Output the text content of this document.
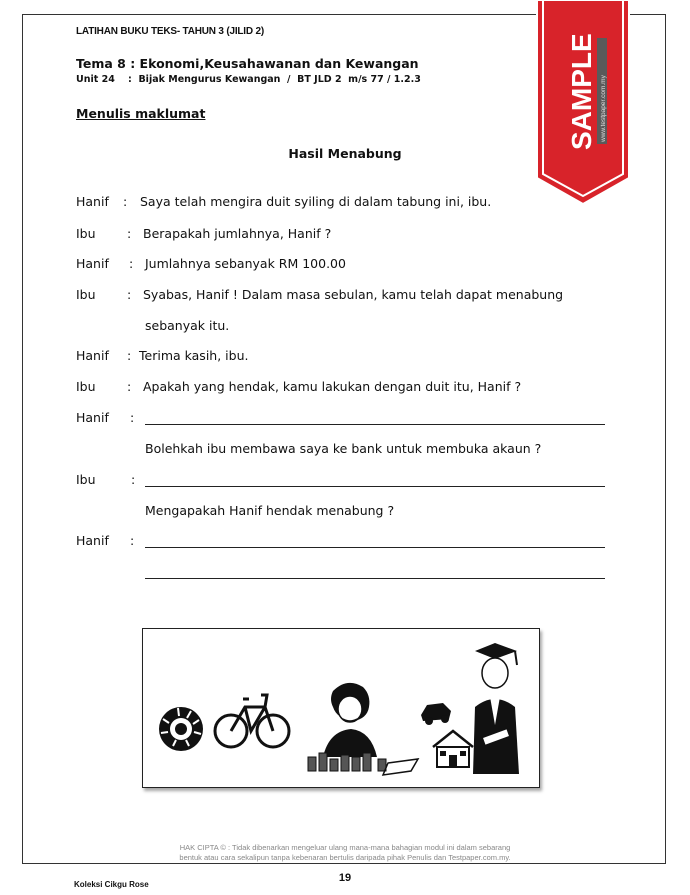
LATIHAN BUKU TEKS- TAHUN 3 (JILID 2)
Tema 8 : Ekonomi,Keusahawanan dan Kewangan
Unit 24    :  Bijak Mengurus Kewangan  /  BT JLD 2  m/s 77 / 1.2.3
Menulis maklumat
Hasil Menabung
Hanif : Saya telah mengira duit syiling di dalam tabung ini, ibu.
Ibu	: Berapakah jumlahnya, Hanif ?
Hanif : Jumlahnya sebanyak RM 100.00
Ibu	: Syabas, Hanif ! Dalam masa sebulan, kamu telah dapat menabung
sebanyak itu.
Hanif : Terima kasih, ibu.
Ibu	: Apakah yang hendak, kamu lakukan dengan duit itu, Hanif ?
Hanif :
Bolehkah ibu membawa saya ke bank untuk membuka akaun ?
Ibu	:
Mengapakah Hanif hendak menabung ?
Hanif :
SAMPLE www.testpaper.com.my
HAK CIPTA © : Tidak dibenarkan mengeluar ulang mana-mana bahagian modul ini dalam sebarang
bentuk atau cara sekalipun tanpa kebenaran bertulis daripada pihak Penulis dan Testpaper.com.my.
19
Koleksi Cikgu Rose
